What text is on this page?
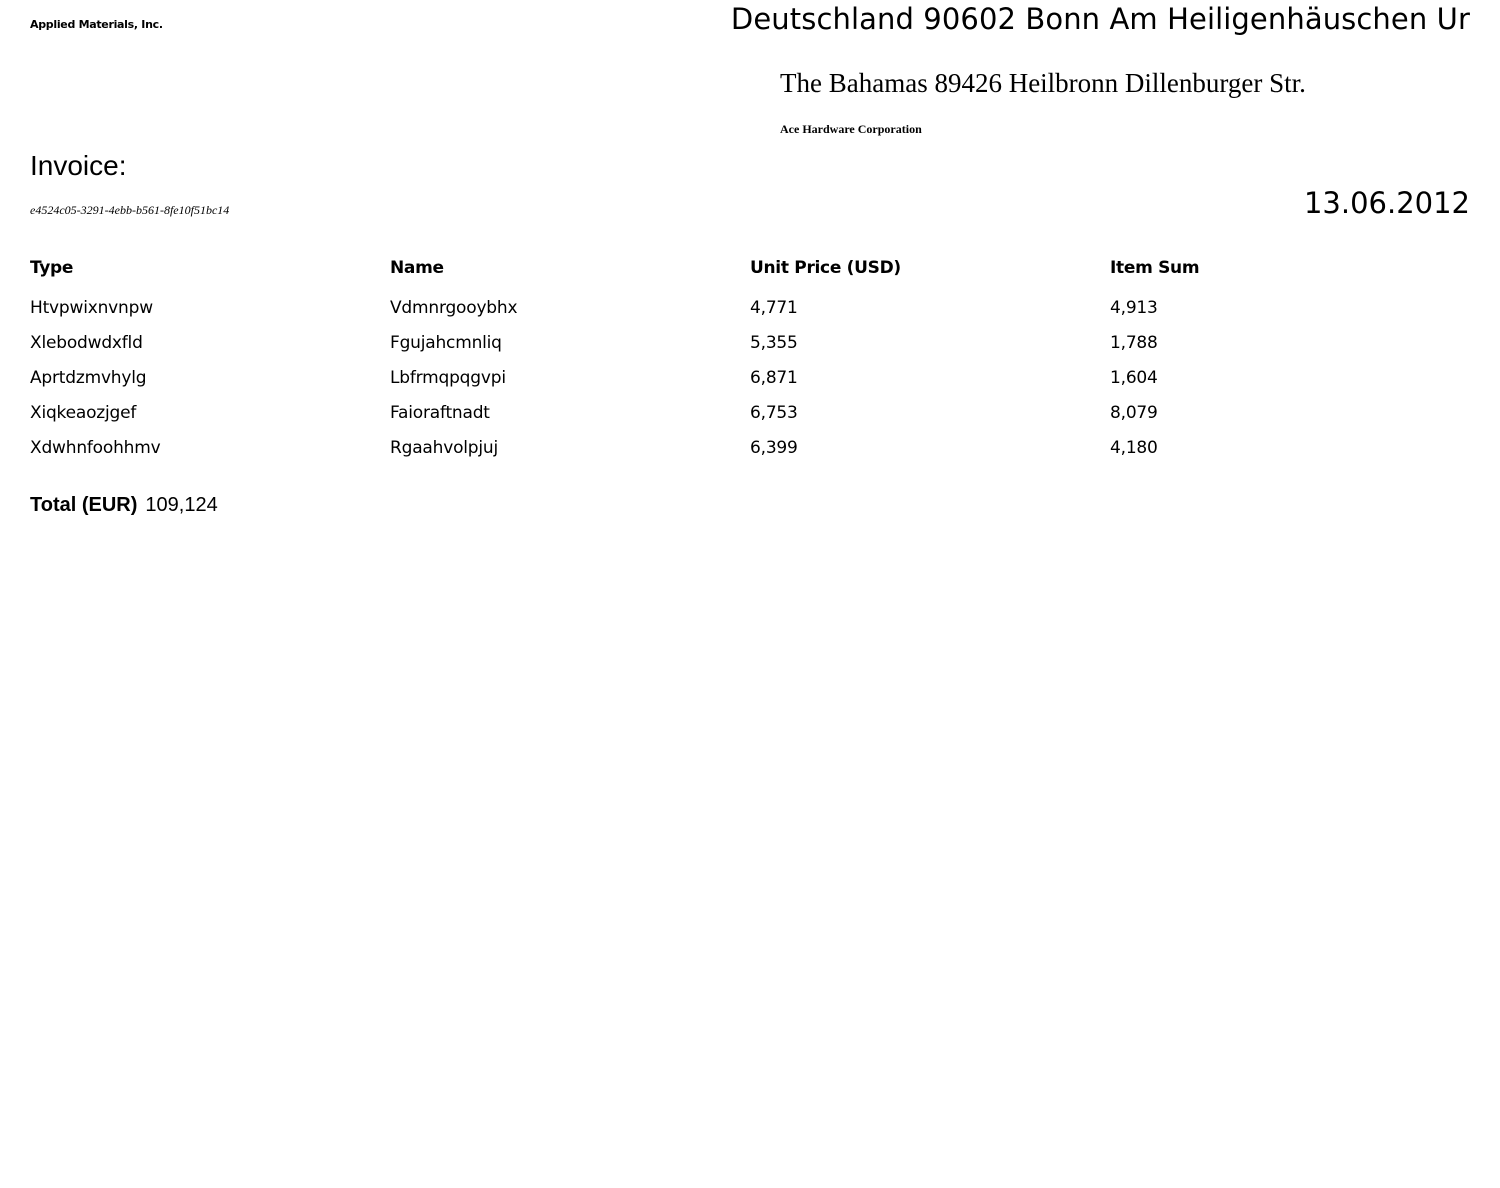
Applied Materials, Inc.	Deutschland 90602 Bonn Am Heiligenhäuschen Ur
The Bahamas 89426 Heilbronn Dillenburger Str.
Ace Hardware Corporation
Invoice:
e4524c05-3291-4ebb-b561-8fe10f51bc14	13.06.2012
Type	Name	Unit Price (USD)	Item Sum
Htvpwixnvnpw	Vdmnrgooybhx	4,771	4,913
Xlebodwdxfld	Fgujahcmnliq	5,355	1,788
Aprtdzmvhylg	Lbfrmqpqgvpi	6,871	1,604
Xiqkeaozjgef	Faioraftnadt	6,753	8,079
Xdwhnfoohhmv	Rgaahvolpjuj	6,399	4,180
Total (EUR) 109,124
